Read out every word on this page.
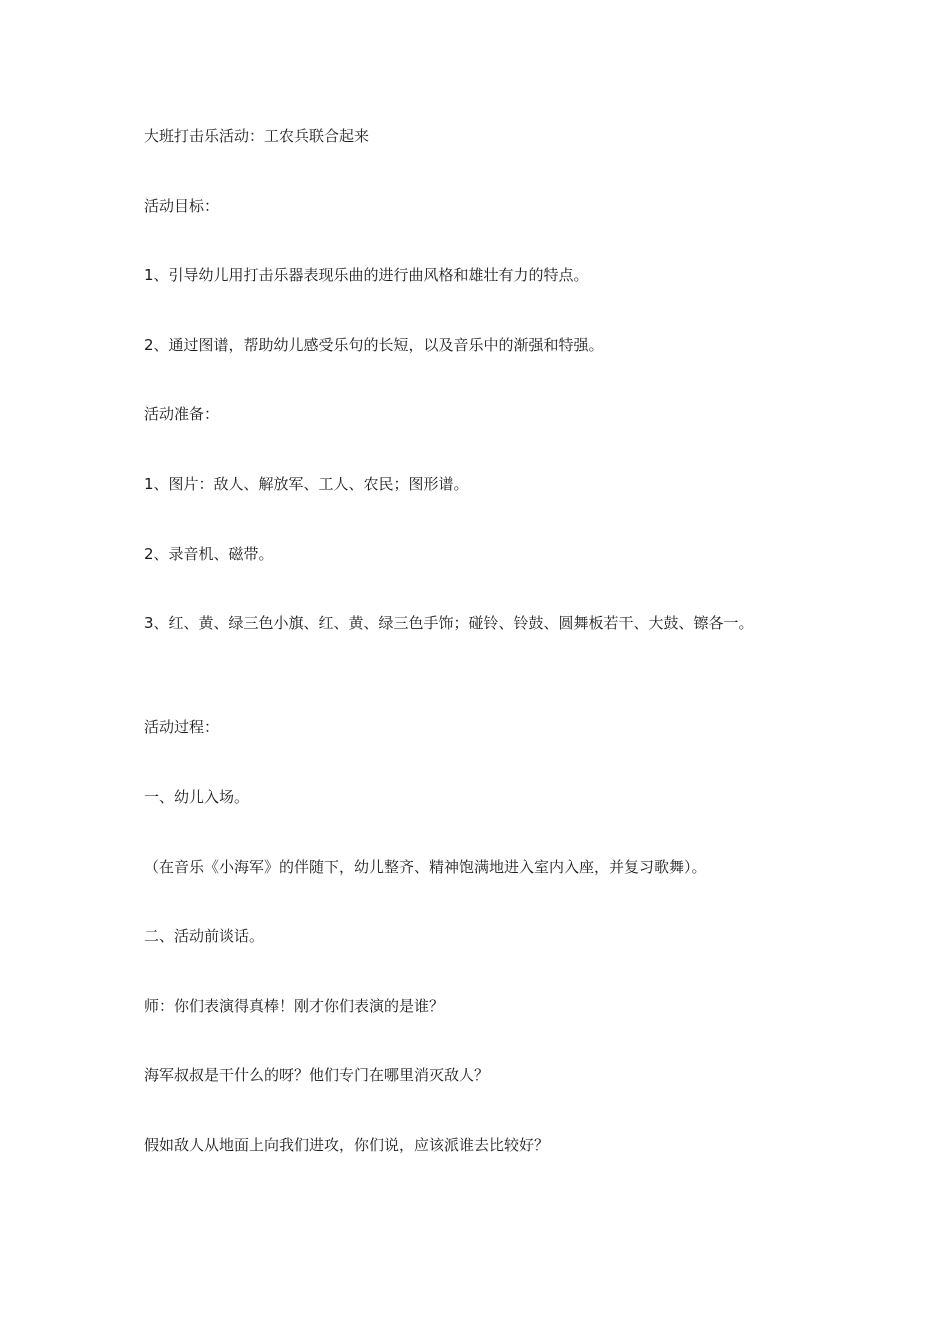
大班打击乐活动：工农兵联合起来

活动目标：

1、引导幼儿用打击乐器表现乐曲的进行曲风格和雄壮有力的特点。

2、通过图谱，帮助幼儿感受乐句的长短，以及音乐中的渐强和特强。

活动准备：

1、图片：敌人、解放军、工人、农民；图形谱。

2、录音机、磁带。

3、红、黄、绿三色小旗、红、黄、绿三色手饰；碰铃、铃鼓、圆舞板若干、大鼓、镲各一。

活动过程：

一、幼儿入场。

（在音乐《小海军》的伴随下，幼儿整齐、精神饱满地进入室内入座，并复习歌舞）。

二、活动前谈话。

师：你们表演得真棒！刚才你们表演的是谁？

海军叔叔是干什么的呀？他们专门在哪里消灭敌人？

假如敌人从地面上向我们进攻，你们说，应该派谁去比较好？
